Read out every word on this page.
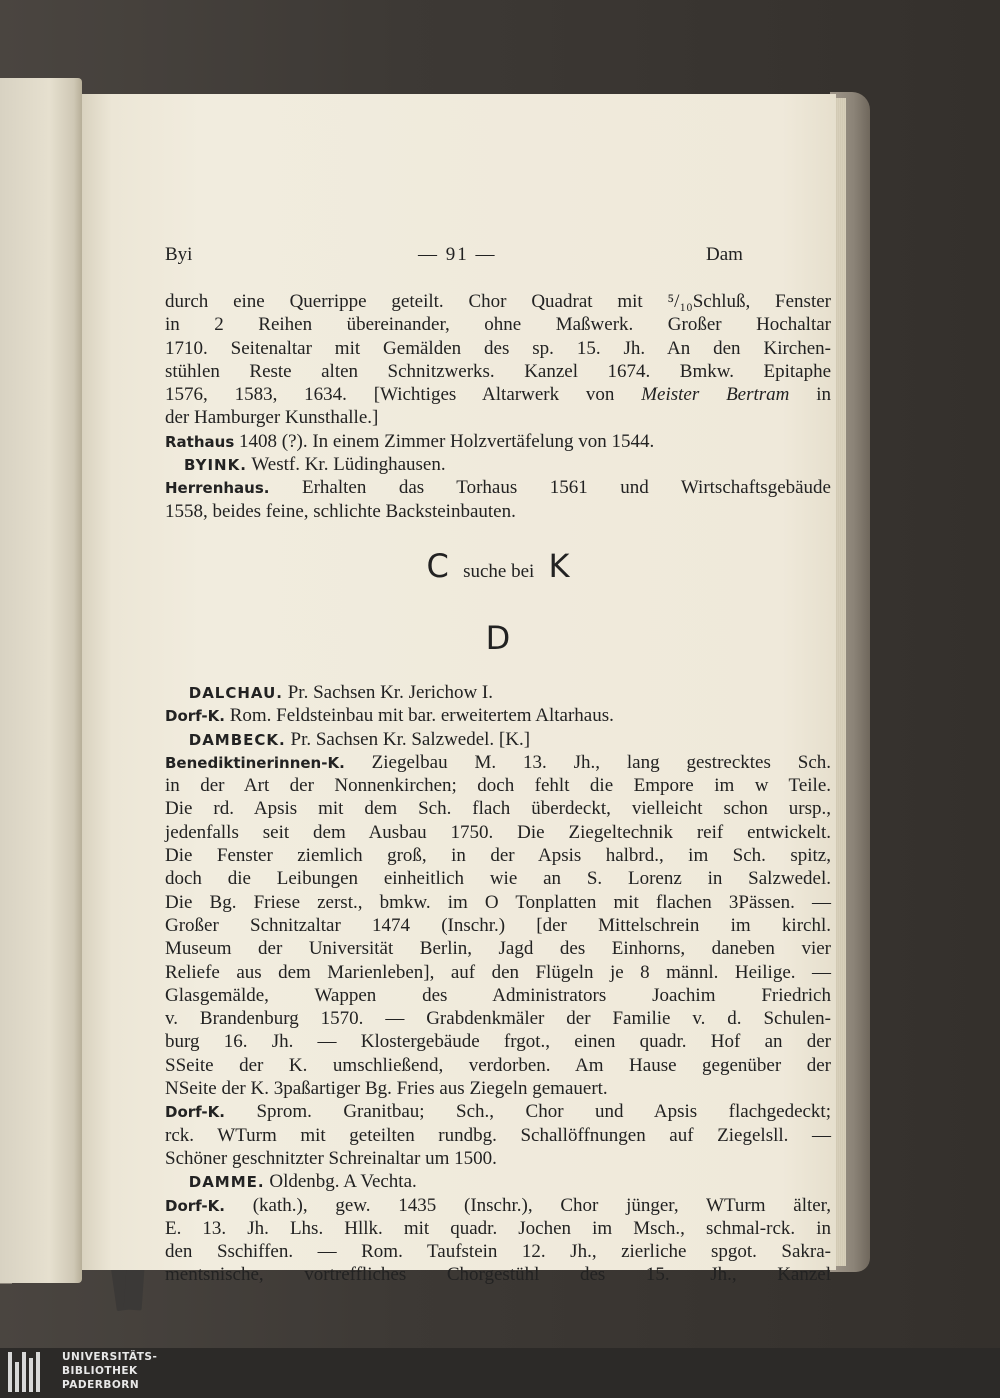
Byi	— 91 —	Dam
durch eine Querrippe geteilt. Chor Quadrat mit ⁵/₁₀Schluß, Fenster
in 2 Reihen übereinander, ohne Maßwerk. Großer Hochaltar
1710. Seitenaltar mit Gemälden des sp. 15. Jh. An den Kirchen-
stühlen Reste alten Schnitzwerks. Kanzel 1674. Bmkw. Epitaphe
1576, 1583, 1634. [Wichtiges Altarwerk von Meister Bertram in
der Hamburger Kunsthalle.]
Rathaus 1408 (?). In einem Zimmer Holzvertäfelung von 1544.
BYINK. Westf. Kr. Lüdinghausen.
Herrenhaus. Erhalten das Torhaus 1561 und Wirtschaftsgebäude
1558, beides feine, schlichte Backsteinbauten.
C suche bei K
D
DALCHAU. Pr. Sachsen Kr. Jerichow I.
Dorf-K. Rom. Feldsteinbau mit bar. erweitertem Altarhaus.
DAMBECK. Pr. Sachsen Kr. Salzwedel. [K.]
Benediktinerinnen-K. Ziegelbau M. 13. Jh., lang gestrecktes Sch.
in der Art der Nonnenkirchen; doch fehlt die Empore im w Teile.
Die rd. Apsis mit dem Sch. flach überdeckt, vielleicht schon ursp.,
jedenfalls seit dem Ausbau 1750. Die Ziegeltechnik reif entwickelt.
Die Fenster ziemlich groß, in der Apsis halbrd., im Sch. spitz,
doch die Leibungen einheitlich wie an S. Lorenz in Salzwedel.
Die Bg. Friese zerst., bmkw. im O Tonplatten mit flachen 3Pässen. —
Großer Schnitzaltar 1474 (Inschr.) [der Mittelschrein im kirchl.
Museum der Universität Berlin, Jagd des Einhorns, daneben vier
Reliefe aus dem Marienleben], auf den Flügeln je 8 männl. Heilige. —
Glasgemälde, Wappen des Administrators Joachim Friedrich
v. Brandenburg 1570. — Grabdenkmäler der Familie v. d. Schulen-
burg 16. Jh. — Klostergebäude frgot., einen quadr. Hof an der
SSeite der K. umschließend, verdorben. Am Hause gegenüber der
NSeite der K. 3paßartiger Bg. Fries aus Ziegeln gemauert.
Dorf-K. Sprom. Granitbau; Sch., Chor und Apsis flachgedeckt;
rck. WTurm mit geteilten rundbg. Schallöffnungen auf Ziegelsll. —
Schöner geschnitzter Schreinaltar um 1500.
DAMME. Oldenbg. A Vechta.
Dorf-K. (kath.), gew. 1435 (Inschr.), Chor jünger, WTurm älter,
E. 13. Jh. Lhs. Hllk. mit quadr. Jochen im Msch., schmal-rck. in
den Sschiffen. — Rom. Taufstein 12. Jh., zierliche spgot. Sakra-
mentsnische, vortreffliches Chorgestühl des 15. Jh., Kanzel
UNIVERSITÄTS-
BIBLIOTHEK
PADERBORN
